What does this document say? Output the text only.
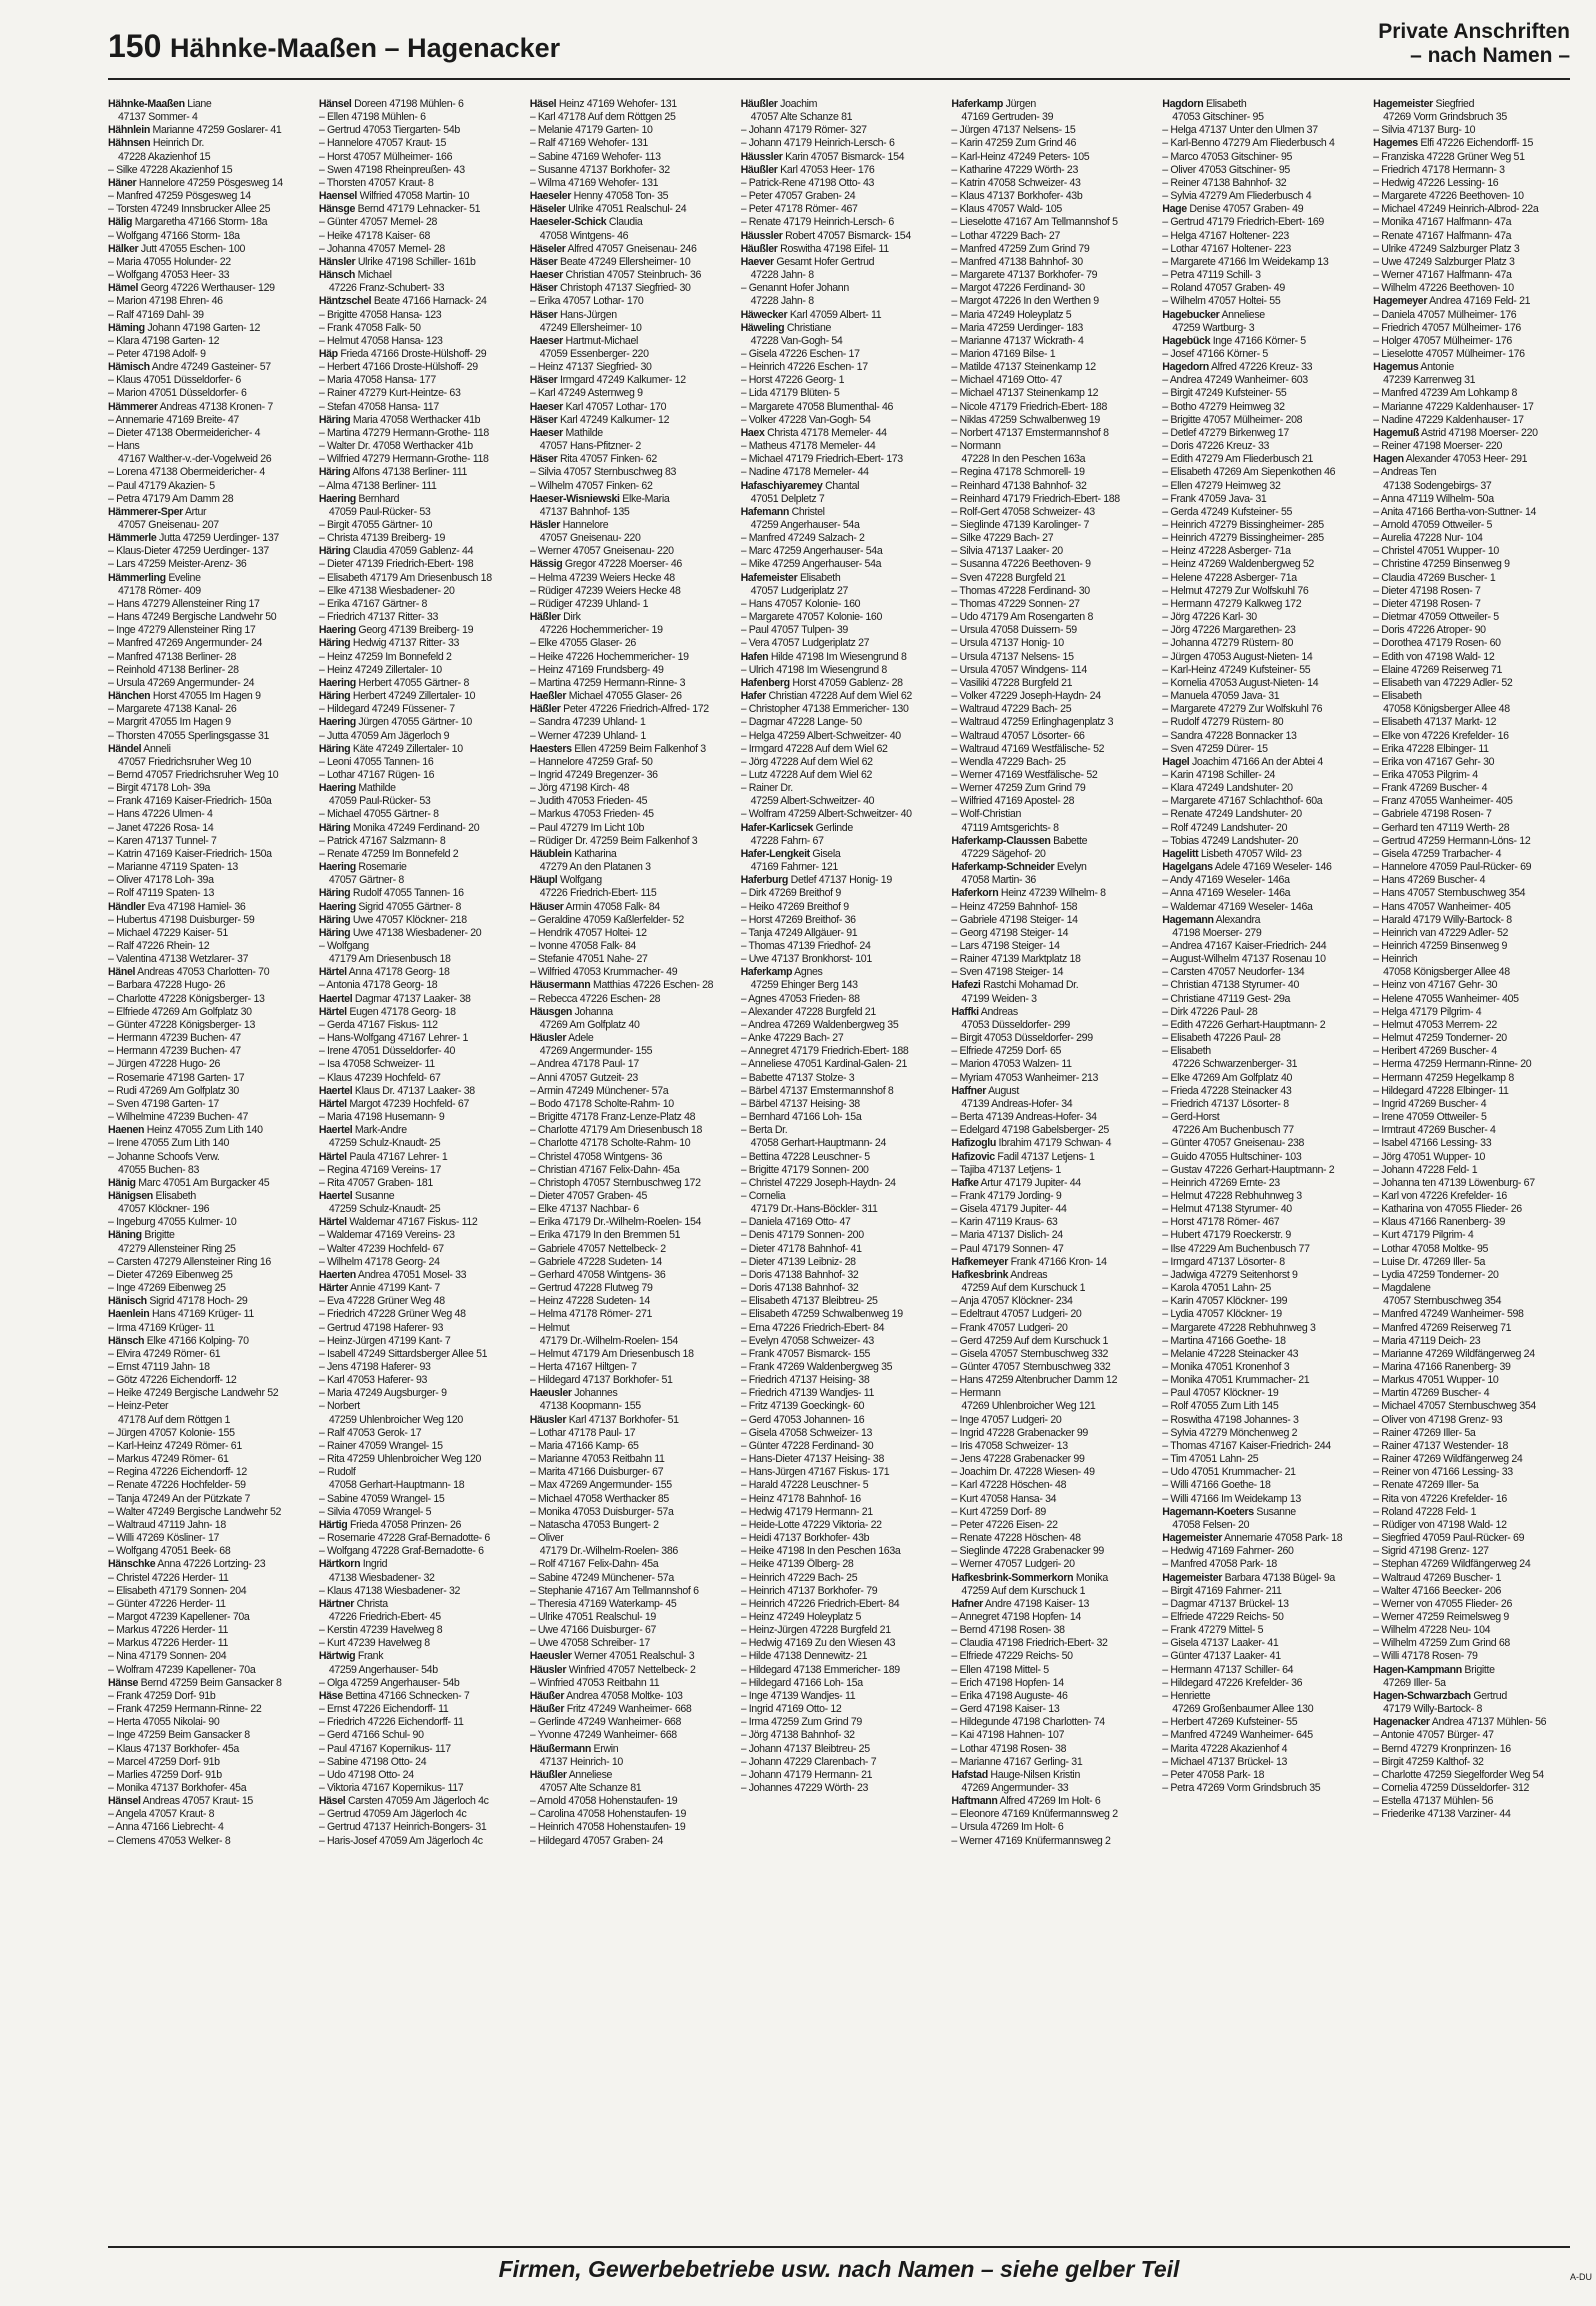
150 Hähnke-Maaßen – Hagenacker
Private Anschriften
– nach Namen –
Hähnke-Maaßen Liane
47137 Sommer- 4
Hähnlein Marianne 47259 Goslarer- 41
Hähnsen Heinrich Dr.
47228 Akazienhof 15
– Silke 47228 Akazienhof 15
Häner Hannelore 47259 Pösgesweg 14
– Manfred 47259 Pösgesweg 14
– Torsten 47249 Innsbrucker Allee 25
Hälig Margaretha 47166 Storm- 18a
– Wolfgang 47166 Storm- 18a
Hälker Jutt 47055 Eschen- 100
– Maria 47055 Holunder- 22
– Wolfgang 47053 Heer- 33
Hämel Georg 47226 Werthauser- 129
– Marion 47198 Ehren- 46
– Ralf 47169 Dahl- 39
Häming Johann 47198 Garten- 12
– Klara 47198 Garten- 12
– Peter 47198 Adolf- 9
Hämisch Andre 47249 Gasteiner- 57
– Klaus 47051 Düsseldorfer- 6
– Marion 47051 Düsseldorfer- 6
Hämmerer Andreas 47138 Kronen- 7
– Annemarie 47169 Breite- 47
– Dieter 47138 Obermeidericher- 4
– Hans
47167 Walther-v.-der-Vogelweid 26
– Lorena 47138 Obermeidericher- 4
– Paul 47179 Akazien- 5
– Petra 47179 Am Damm 28
Hämmerer-Sper Artur
47057 Gneisenau- 207
Hämmerle Jutta 47259 Uerdinger- 137
– Klaus-Dieter 47259 Uerdinger- 137
– Lars 47259 Meister-Arenz- 36
Hämmerling Eveline
47178 Römer- 409
– Hans 47279 Allensteiner Ring 17
– Hans 47249 Bergische Landwehr 50
– Inge 47279 Allensteiner Ring 17
– Manfred 47269 Angermunder- 24
– Manfred 47138 Berliner- 28
– Reinhold 47138 Berliner- 28
– Ursula 47269 Angermunder- 24
Hänchen Horst 47055 Im Hagen 9
– Margarete 47138 Kanal- 26
– Margrit 47055 Im Hagen 9
– Thorsten 47055 Sperlingsgasse 31
Händel Anneli
47057 Friedrichsruher Weg 10
– Bernd 47057 Friedrichsruher Weg 10
– Birgit 47178 Loh- 39a
– Frank 47169 Kaiser-Friedrich- 150a
– Hans 47226 Ulmen- 4
– Janet 47226 Rosa- 14
– Karen 47137 Tunnel- 7
– Katrin 47169 Kaiser-Friedrich- 150a
– Marianne 47119 Spaten- 13
– Oliver 47178 Loh- 39a
– Rolf 47119 Spaten- 13
Händler Eva 47198 Hamiel- 36
– Hubertus 47198 Duisburger- 59
– Michael 47229 Kaiser- 51
– Ralf 47226 Rhein- 12
– Valentina 47138 Wetzlarer- 37
Hänel Andreas 47053 Charlotten- 70
– Barbara 47228 Hugo- 26
– Charlotte 47228 Königsberger- 13
– Elfriede 47269 Am Golfplatz 30
– Günter 47228 Königsberger- 13
– Hermann 47239 Buchen- 47
– Hermann 47239 Buchen- 47
– Jürgen 47228 Hugo- 26
– Rosemarie 47198 Garten- 17
– Rudi 47269 Am Golfplatz 30
– Sven 47198 Garten- 17
– Wilhelmine 47239 Buchen- 47
Haenen Heinz 47055 Zum Lith 140
– Irene 47055 Zum Lith 140
– Johanne Schoofs Verw.
47055 Buchen- 83
Hänig Marc 47051 Am Burgacker 45
Hänigsen Elisabeth
47057 Klöckner- 196
– Ingeburg 47055 Kulmer- 10
Häning Brigitte
47279 Allensteiner Ring 25
– Carsten 47279 Allensteiner Ring 16
– Dieter 47269 Eibenweg 25
– Inge 47269 Eibenweg 25
Hänisch Sigrid 47178 Hoch- 29
Haenlein Hans 47169 Krüger- 11
– Irma 47169 Krüger- 11
Hänsch Elke 47166 Kolping- 70
– Elvira 47249 Römer- 61
– Ernst 47119 Jahn- 18
– Götz 47226 Eichendorff- 12
– Heike 47249 Bergische Landwehr 52
– Heinz-Peter
47178 Auf dem Röttgen 1
– Jürgen 47057 Kolonie- 155
– Karl-Heinz 47249 Römer- 61
– Markus 47249 Römer- 61
– Regina 47226 Eichendorff- 12
– Renate 47226 Hochfelder- 59
– Tanja 47249 An der Pützkate 7
– Walter 47249 Bergische Landwehr 52
– Waltraud 47119 Jahn- 18
– Willi 47269 Kösliner- 17
– Wolfgang 47051 Beek- 68
Hänschke Anna 47226 Lortzing- 23
– Christel 47226 Herder- 11
– Elisabeth 47179 Sonnen- 204
– Günter 47226 Herder- 11
– Margot 47239 Kapellener- 70a
– Markus 47226 Herder- 11
– Markus 47226 Herder- 11
– Nina 47179 Sonnen- 204
– Wolfram 47239 Kapellener- 70a
Hänse Bernd 47259 Beim Gansacker 8
– Frank 47259 Dorf- 91b
– Frank 47259 Hermann-Rinne- 22
– Herta 47055 Nikolai- 90
– Inge 47259 Beim Gansacker 8
– Klaus 47137 Borkhofer- 45a
– Marcel 47259 Dorf- 91b
– Marlies 47259 Dorf- 91b
– Monika 47137 Borkhofer- 45a
Hänsel Andreas 47057 Kraut- 15
– Angela 47057 Kraut- 8
– Anna 47166 Liebrecht- 4
– Clemens 47053 Welker- 8
Hänsel Doreen 47198 Mühlen- 6
– Ellen 47198 Mühlen- 6
– Gertrud 47053 Tiergarten- 54b
– Hannelore 47057 Kraut- 15
– Horst 47057 Mülheimer- 166
– Swen 47198 Rheinpreußen- 43
– Thorsten 47057 Kraut- 8
Haensel Wilfried 47058 Martin- 10
Hänsge Bernd 47179 Lehnacker- 51
– Günter 47057 Memel- 28
– Heike 47178 Kaiser- 68
– Johanna 47057 Memel- 28
Hänsler Ulrike 47198 Schiller- 161b
Hänsch Michael
47226 Franz-Schubert- 33
Häntzschel Beate 47166 Harnack- 24
– Brigitte 47058 Hansa- 123
– Frank 47058 Falk- 50
– Helmut 47058 Hansa- 123
Häp Frieda 47166 Droste-Hülshoff- 29
– Herbert 47166 Droste-Hülshoff- 29
– Maria 47058 Hansa- 177
– Rainer 47279 Kurt-Heintze- 63
– Stefan 47058 Hansa- 117
Häring Maria 47058 Werthacker 41b
– Martina 47279 Hermann-Grothe- 118
– Walter Dr. 47058 Werthacker 41b
– Wilfried 47279 Hermann-Grothe- 118
Häring Alfons 47138 Berliner- 111
– Alma 47138 Berliner- 111
Haering Bernhard
47059 Paul-Rücker- 53
– Birgit 47055 Gärtner- 10
– Christa 47139 Breiberg- 19
Häring Claudia 47059 Gablenz- 44
– Dieter 47139 Friedrich-Ebert- 198
– Elisabeth 47179 Am Driesenbusch 18
– Elke 47138 Wiesbadener- 20
– Erika 47167 Gärtner- 8
– Friedrich 47137 Ritter- 33
Haering Georg 47139 Breiberg- 19
Häring Hedwig 47137 Ritter- 33
– Heinz 47259 Im Bonnefeld 2
– Heinz 47249 Zillertaler- 10
Haering Herbert 47055 Gärtner- 8
Häring Herbert 47249 Zillertaler- 10
– Hildegard 47249 Füssener- 7
Haering Jürgen 47055 Gärtner- 10
– Jutta 47059 Am Jägerloch 9
Häring Käte 47249 Zillertaler- 10
– Leoni 47055 Tannen- 16
– Lothar 47167 Rügen- 16
Haering Mathilde
47059 Paul-Rücker- 53
– Michael 47055 Gärtner- 8
Häring Monika 47249 Ferdinand- 20
– Patrick 47167 Salzmann- 8
– Renate 47259 Im Bonnefeld 2
Haering Rosemarie
47057 Gärtner- 8
Häring Rudolf 47055 Tannen- 16
Haering Sigrid 47055 Gärtner- 8
Häring Uwe 47057 Klöckner- 218
Häring Uwe 47138 Wiesbadener- 20
– Wolfgang
47179 Am Driesenbusch 18
Härtel Anna 47178 Georg- 18
– Antonia 47178 Georg- 18
Haertel Dagmar 47137 Laaker- 38
Härtel Eugen 47178 Georg- 18
– Gerda 47167 Fiskus- 112
– Hans-Wolfgang 47167 Lehrer- 1
– Irene 47051 Düsseldorfer- 40
– Isa 47058 Schweizer- 11
– Klaus 47239 Hochfeld- 67
Haertel Klaus Dr. 47137 Laaker- 38
Härtel Margot 47239 Hochfeld- 67
– Maria 47198 Husemann- 9
Haertel Mark-Andre
47259 Schulz-Knaudt- 25
Härtel Paula 47167 Lehrer- 1
– Regina 47169 Vereins- 17
– Rita 47057 Graben- 181
Haertel Susanne
47259 Schulz-Knaudt- 25
Härtel Waldemar 47167 Fiskus- 112
– Waldemar 47169 Vereins- 23
– Walter 47239 Hochfeld- 67
– Wilhelm 47178 Georg- 24
Haerten Andrea 47051 Mosel- 33
Härter Annie 47199 Kant- 7
– Eva 47228 Grüner Weg 48
– Friedrich 47228 Grüner Weg 48
– Gertrud 47198 Haferer- 93
– Heinz-Jürgen 47199 Kant- 7
– Isabell 47249 Sittardsberger Allee 51
– Jens 47198 Haferer- 93
– Karl 47053 Haferer- 93
– Maria 47249 Augsburger- 9
– Norbert
47259 Uhlenbroicher Weg 120
– Ralf 47053 Gerok- 17
– Rainer 47059 Wrangel- 15
– Rita 47259 Uhlenbroicher Weg 120
– Rudolf
47058 Gerhart-Hauptmann- 18
– Sabine 47059 Wrangel- 15
– Silvia 47059 Wrangel- 5
Härtig Frieda 47058 Prinzen- 26
– Rosemarie 47228 Graf-Bernadotte- 6
– Wolfgang 47228 Graf-Bernadotte- 6
Härtkorn Ingrid
47138 Wiesbadener- 32
– Klaus 47138 Wiesbadener- 32
Härtner Christa
47226 Friedrich-Ebert- 45
– Kerstin 47239 Havelweg 8
– Kurt 47239 Havelweg 8
Härtwig Frank
47259 Angerhauser- 54b
– Olga 47259 Angerhauser- 54b
Häse Bettina 47166 Schnecken- 7
– Ernst 47226 Eichendorff- 11
– Friedrich 47226 Eichendorff- 11
– Gerd 47166 Schul- 90
– Paul 47167 Kopernikus- 117
– Sabine 47198 Otto- 24
– Udo 47198 Otto- 24
– Viktoria 47167 Kopernikus- 117
Häsel Carsten 47059 Am Jägerloch 4c
– Gertrud 47059 Am Jägerloch 4c
– Gertrud 47137 Heinrich-Bongers- 31
– Haris-Josef 47059 Am Jägerloch 4c
Häsel Heinz 47169 Wehofer- 131
– Karl 47178 Auf dem Röttgen 25
– Melanie 47179 Garten- 10
– Ralf 47169 Wehofer- 131
– Sabine 47169 Wehofer- 113
– Susanne 47137 Borkhofer- 32
– Wilma 47169 Wehofer- 131
Haeseler Henny 47058 Ton- 35
Häseler Ulrike 47051 Realschul- 24
Haeseler-Schick Claudia
47058 Wintgens- 46
Häseler Alfred 47057 Gneisenau- 246
Häser Beate 47249 Ellersheimer- 10
Haeser Christian 47057 Steinbruch- 36
Häser Christoph 47137 Siegfried- 30
– Erika 47057 Lothar- 170
Häser Hans-Jürgen
47249 Ellersheimer- 10
Haeser Hartmut-Michael
47059 Essenberger- 220
– Heinz 47137 Siegfried- 30
Häser Irmgard 47249 Kalkumer- 12
– Karl 47249 Asternweg 9
Haeser Karl 47057 Lothar- 170
Häser Karl 47249 Kalkumer- 12
Haeser Mathilde
47057 Hans-Pfitzner- 2
Häser Rita 47057 Finken- 62
– Silvia 47057 Sternbuschweg 83
– Wilhelm 47057 Finken- 62
Haeser-Wisniewski Elke-Maria
47137 Bahnhof- 135
Häsler Hannelore
47057 Gneisenau- 220
– Werner 47057 Gneisenau- 220
Hässig Gregor 47228 Moerser- 46
– Helma 47239 Weiers Hecke 48
– Rüdiger 47239 Weiers Hecke 48
– Rüdiger 47239 Uhland- 1
Häßler Dirk
47226 Hochemmericher- 19
– Elke 47055 Glaser- 26
– Heike 47226 Hochemmericher- 19
– Heinz 47169 Frundsberg- 49
– Martina 47259 Hermann-Rinne- 3
Haeßler Michael 47055 Glaser- 26
Häßler Peter 47226 Friedrich-Alfred- 172
– Sandra 47239 Uhland- 1
– Werner 47239 Uhland- 1
Haesters Ellen 47259 Beim Falkenhof 3
– Hannelore 47259 Graf- 50
– Ingrid 47249 Bregenzer- 36
– Jörg 47198 Kirch- 48
– Judith 47053 Frieden- 45
– Markus 47053 Frieden- 45
– Paul 47279 Im Licht 10b
– Rüdiger Dr. 47259 Beim Falkenhof 3
Häublein Katharina
47279 An den Platanen 3
Häupl Wolfgang
47226 Friedrich-Ebert- 115
Häuser Armin 47058 Falk- 84
– Geraldine 47059 Kaßlerfelder- 52
– Hendrik 47057 Holtei- 12
– Ivonne 47058 Falk- 84
– Stefanie 47051 Nahe- 27
– Wilfried 47053 Krummacher- 49
Häusermann Matthias 47226 Eschen- 28
– Rebecca 47226 Eschen- 28
Häusgen Johanna
47269 Am Golfplatz 40
Häusler Adele
47269 Angermunder- 155
– Andrea 47178 Paul- 17
– Anni 47057 Gutzeit- 23
– Armin 47249 Münchener- 57a
– Bodo 47178 Scholte-Rahm- 10
– Brigitte 47178 Franz-Lenze-Platz 48
– Charlotte 47179 Am Driesenbusch 18
– Charlotte 47178 Scholte-Rahm- 10
– Christel 47058 Wintgens- 36
– Christian 47167 Felix-Dahn- 45a
– Christoph 47057 Sternbuschweg 172
– Dieter 47057 Graben- 45
– Elke 47137 Nachbar- 6
– Erika 47179 Dr.-Wilhelm-Roelen- 154
– Erika 47179 In den Bremmen 51
– Gabriele 47057 Nettelbeck- 2
– Gabriele 47228 Sudeten- 14
– Gerhard 47058 Wintgens- 36
– Gertrud 47228 Flutweg 79
– Heinz 47228 Sudeten- 14
– Helma 47178 Römer- 271
– Helmut
47179 Dr.-Wilhelm-Roelen- 154
– Helmut 47179 Am Driesenbusch 18
– Herta 47167 Hiltgen- 7
– Hildegard 47137 Borkhofer- 51
Haeusler Johannes
47138 Koopmann- 155
Häusler Karl 47137 Borkhofer- 51
– Lothar 47178 Paul- 17
– Maria 47166 Kamp- 65
– Marianne 47053 Reitbahn 11
– Marita 47166 Duisburger- 67
– Max 47269 Angermunder- 155
– Michael 47058 Werthacker 85
– Monika 47053 Duisburger- 57a
– Natascha 47053 Bungert- 2
– Oliver
47179 Dr.-Wilhelm-Roelen- 386
– Rolf 47167 Felix-Dahn- 45a
– Sabine 47249 Münchener- 57a
– Stephanie 47167 Am Tellmannshof 6
– Theresia 47169 Waterkamp- 45
– Ulrike 47051 Realschul- 19
– Uwe 47166 Duisburger- 67
– Uwe 47058 Schreiber- 17
Haeusler Werner 47051 Realschul- 3
Häusler Winfried 47057 Nettelbeck- 2
– Winfried 47053 Reitbahn 11
Häußer Andrea 47058 Moltke- 103
Häußer Fritz 47249 Wanheimer- 668
– Gerlinde 47249 Wanheimer- 668
– Yvonne 47249 Wanheimer- 668
Häußermann Erwin
47137 Heinrich- 10
Häußler Anneliese
47057 Alte Schanze 81
– Arnold 47058 Hohenstaufen- 19
– Carolina 47058 Hohenstaufen- 19
– Heinrich 47058 Hohenstaufen- 19
– Hildegard 47057 Graben- 24
Häußler Joachim
47057 Alte Schanze 81
– Johann 47179 Römer- 327
– Johann 47179 Heinrich-Lersch- 6
Häussler Karin 47057 Bismarck- 154
Häußler Karl 47053 Heer- 176
– Patrick-Rene 47198 Otto- 43
– Peter 47057 Graben- 24
– Peter 47178 Römer- 467
– Renate 47179 Heinrich-Lersch- 6
Häussler Robert 47057 Bismarck- 154
Häußler Roswitha 47198 Eifel- 11
Haever Gesamt Hofer Gertrud
47228 Jahn- 8
– Genannt Hofer Johann
47228 Jahn- 8
Häwecker Karl 47059 Albert- 11
Häweling Christiane
47228 Van-Gogh- 54
– Gisela 47226 Eschen- 17
– Heinrich 47226 Eschen- 17
– Horst 47226 Georg- 1
– Lida 47179 Blüten- 5
– Margarete 47058 Blumenthal- 46
– Volker 47228 Van-Gogh- 54
Haex Christa 47178 Memeler- 44
– Matheus 47178 Memeler- 44
– Michael 47179 Friedrich-Ebert- 173
– Nadine 47178 Memeler- 44
Hafaschiyaremey Chantal
47051 Delpletz 7
Hafemann Christel
47259 Angerhauser- 54a
– Manfred 47249 Salzach- 2
– Marc 47259 Angerhauser- 54a
– Mike 47259 Angerhauser- 54a
Hafemeister Elisabeth
47057 Ludgeriplatz 27
– Hans 47057 Kolonie- 160
– Margarete 47057 Kolonie- 160
– Paul 47057 Tulpen- 39
– Vera 47057 Ludgeriplatz 27
Hafen Hilde 47198 Im Wiesengrund 8
– Ulrich 47198 Im Wiesengrund 8
Hafenberg Horst 47059 Gablenz- 28
Hafer Christian 47228 Auf dem Wiel 62
– Christopher 47138 Emmericher- 130
– Dagmar 47228 Lange- 50
– Helga 47259 Albert-Schweitzer- 40
– Irmgard 47228 Auf dem Wiel 62
– Jörg 47228 Auf dem Wiel 62
– Lutz 47228 Auf dem Wiel 62
– Rainer Dr.
47259 Albert-Schweitzer- 40
– Wolfram 47259 Albert-Schweitzer- 40
Hafer-Karlicsek Gerlinde
47228 Fahrn- 67
Hafer-Lengkeit Gisela
47169 Fahrner- 121
Haferburg Detlef 47137 Honig- 19
– Dirk 47269 Breithof 9
– Heiko 47269 Breithof 9
– Horst 47269 Breithof- 36
– Tanja 47249 Allgäuer- 91
– Thomas 47139 Friedhof- 24
– Uwe 47137 Bronkhorst- 101
Haferkamp Agnes
47259 Ehinger Berg 143
– Agnes 47053 Frieden- 88
– Alexander 47228 Burgfeld 21
– Andrea 47269 Waldenbergweg 35
– Anke 47229 Bach- 27
– Annegret 47179 Friedrich-Ebert- 188
– Anneliese 47051 Kardinal-Galen- 21
– Babette 47137 Stolze- 3
– Bärbel 47137 Emstermannshof 8
– Bärbel 47137 Heising- 38
– Bernhard 47166 Loh- 15a
– Berta Dr.
47058 Gerhart-Hauptmann- 24
– Bettina 47228 Leuschner- 5
– Brigitte 47179 Sonnen- 200
– Christel 47229 Joseph-Haydn- 24
– Cornelia
47179 Dr.-Hans-Böckler- 311
– Daniela 47169 Otto- 47
– Denis 47179 Sonnen- 200
– Dieter 47178 Bahnhof- 41
– Dieter 47139 Leibniz- 28
– Doris 47138 Bahnhof- 32
– Doris 47138 Bahnhof- 32
– Elisabeth 47137 Bleibtreu- 25
– Elisabeth 47259 Schwalbenweg 19
– Erna 47226 Friedrich-Ebert- 84
– Evelyn 47058 Schweizer- 43
– Frank 47057 Bismarck- 155
– Frank 47269 Waldenbergweg 35
– Friedrich 47137 Heising- 38
– Friedrich 47139 Wandjes- 11
– Fritz 47139 Goeckingk- 60
– Gerd 47053 Johannen- 16
– Gisela 47058 Schweizer- 13
– Günter 47228 Ferdinand- 30
– Hans-Dieter 47137 Heising- 38
– Hans-Jürgen 47167 Fiskus- 171
– Harald 47228 Leuschner- 5
– Heinz 47178 Bahnhof- 16
– Hedwig 47179 Hermann- 21
– Heide-Lotte 47229 Viktoria- 22
– Heidi 47137 Borkhofer- 43b
– Heike 47198 In den Peschen 163a
– Heike 47139 Ölberg- 28
– Heinrich 47229 Bach- 25
– Heinrich 47137 Borkhofer- 79
– Heinrich 47226 Friedrich-Ebert- 84
– Heinz 47249 Holeyplatz 5
– Heinz-Jürgen 47228 Burgfeld 21
– Hedwig 47169 Zu den Wiesen 43
– Hilde 47138 Dennewitz- 21
– Hildegard 47138 Emmericher- 189
– Hildegard 47166 Loh- 15a
– Inge 47139 Wandjes- 11
– Ingrid 47169 Otto- 12
– Irma 47259 Zum Grind 79
– Jörg 47138 Bahnhof- 32
– Johann 47137 Bleibtreu- 25
– Johann 47229 Clarenbach- 7
– Johann 47179 Hermann- 21
– Johannes 47229 Wörth- 23
Haferkamp Jürgen
47169 Gertruden- 39
– Jürgen 47137 Nelsens- 15
– Karin 47259 Zum Grind 46
– Karl-Heinz 47249 Peters- 105
– Katharine 47229 Wörth- 23
– Katrin 47058 Schweizer- 43
– Klaus 47137 Borkhofer- 43b
– Klaus 47057 Wald- 105
– Lieselotte 47167 Am Tellmannshof 5
– Lothar 47229 Bach- 27
– Manfred 47259 Zum Grind 79
– Manfred 47138 Bahnhof- 30
– Margarete 47137 Borkhofer- 79
– Margot 47226 Ferdinand- 30
– Margot 47226 In den Werthen 9
– Maria 47249 Holeyplatz 5
– Maria 47259 Uerdinger- 183
– Marianne 47137 Wickrath- 4
– Marion 47169 Bilse- 1
– Matilde 47137 Steinenkamp 12
– Michael 47169 Otto- 47
– Michael 47137 Steinenkamp 12
– Nicole 47179 Friedrich-Ebert- 188
– Niklas 47259 Schwalbenweg 19
– Norbert 47137 Emstermannshof 8
– Normann
47228 In den Peschen 163a
– Regina 47178 Schmorell- 19
– Reinhard 47138 Bahnhof- 32
– Reinhard 47179 Friedrich-Ebert- 188
– Rolf-Gert 47058 Schweizer- 43
– Sieglinde 47139 Karolinger- 7
– Silke 47229 Bach- 27
– Silvia 47137 Laaker- 20
– Susanna 47226 Beethoven- 9
– Sven 47228 Burgfeld 21
– Thomas 47228 Ferdinand- 30
– Thomas 47229 Sonnen- 27
– Udo 47179 Am Rosengarten 8
– Ursula 47058 Duissern- 59
– Ursula 47137 Honig- 10
– Ursula 47137 Nelsens- 15
– Ursula 47057 Windgens- 114
– Vasiliki 47228 Burgfeld 21
– Volker 47229 Joseph-Haydn- 24
– Waltraud 47229 Bach- 25
– Waltraud 47259 Erlinghagenplatz 3
– Waltraud 47057 Lösorter- 66
– Waltraud 47169 Westfälische- 52
– Wendla 47229 Bach- 25
– Werner 47169 Westfälische- 52
– Werner 47259 Zum Grind 79
– Wilfried 47169 Apostel- 28
– Wolf-Christian
47119 Amtsgerichts- 8
Haferkamp-Claussen Babette
47229 Sägehof- 20
Haferkamp-Schneider Evelyn
47058 Martin- 36
Haferkorn Heinz 47239 Wilhelm- 8
– Heinz 47259 Bahnhof- 158
– Gabriele 47198 Steiger- 14
– Georg 47198 Steiger- 14
– Lars 47198 Steiger- 14
– Rainer 47139 Marktplatz 18
– Sven 47198 Steiger- 14
Hafezi Rastchi Mohamad Dr.
47199 Weiden- 3
Haffki Andreas
47053 Düsseldorfer- 299
– Birgit 47053 Düsseldorfer- 299
– Elfriede 47259 Dorf- 65
– Marion 47053 Walzen- 11
– Myriam 47053 Wanheimer- 213
Haffner August
47139 Andreas-Hofer- 34
– Berta 47139 Andreas-Hofer- 34
– Edelgard 47198 Gabelsberger- 25
Hafizoglu Ibrahim 47179 Schwan- 4
Hafizovic Fadil 47137 Letjens- 1
– Tajiba 47137 Letjens- 1
Hafke Artur 47179 Jupiter- 44
– Frank 47179 Jording- 9
– Gisela 47179 Jupiter- 44
– Karin 47119 Kraus- 63
– Maria 47137 Dislich- 24
– Paul 47179 Sonnen- 47
Hafkemeyer Frank 47166 Kron- 14
Hafkesbrink Andreas
47259 Auf dem Kurschuck 1
– Anja 47057 Klöckner- 234
– Edeltraut 47057 Ludgeri- 20
– Frank 47057 Ludgeri- 20
– Gerd 47259 Auf dem Kurschuck 1
– Gisela 47057 Sternbuschweg 332
– Günter 47057 Sternbuschweg 332
– Hans 47259 Altenbrucher Damm 12
– Hermann
47269 Uhlenbroicher Weg 121
– Inge 47057 Ludgeri- 20
– Ingrid 47228 Grabenacker 99
– Iris 47058 Schweizer- 13
– Jens 47228 Grabenacker 99
– Joachim Dr. 47228 Wiesen- 49
– Karl 47228 Höschen- 48
– Kurt 47058 Hansa- 34
– Kurt 47259 Dorf- 89
– Peter 47226 Eisen- 22
– Renate 47228 Höschen- 48
– Sieglinde 47228 Grabenacker 99
– Werner 47057 Ludgeri- 20
Hafkesbrink-Sommerkorn Monika
47259 Auf dem Kurschuck 1
Hafner Andre 47198 Kaiser- 13
– Annegret 47198 Hopfen- 14
– Bernd 47198 Rosen- 38
– Claudia 47198 Friedrich-Ebert- 32
– Elfriede 47229 Reichs- 50
– Ellen 47198 Mittel- 5
– Erich 47198 Hopfen- 14
– Erika 47198 Auguste- 46
– Gerd 47198 Kaiser- 13
– Hildegunde 47198 Charlotten- 74
– Kai 47198 Hahnen- 107
– Lothar 47198 Rosen- 38
– Marianne 47167 Gerling- 31
Hafstad Hauge-Nilsen Kristin
47269 Angermunder- 33
Haftmann Alfred 47269 Im Holt- 6
– Eleonore 47169 Knüfermannsweg 2
– Ursula 47269 Im Holt- 6
– Werner 47169 Knüfermannsweg 2
Hagdorn Elisabeth
47053 Gitschiner- 95
– Helga 47137 Unter den Ulmen 37
– Karl-Benno 47279 Am Fliederbusch 4
– Marco 47053 Gitschiner- 95
– Oliver 47053 Gitschiner- 95
– Reiner 47138 Bahnhof- 32
– Sylvia 47279 Am Fliederbusch 4
Hage Denise 47057 Graben- 49
– Gertrud 47179 Friedrich-Ebert- 169
– Helga 47167 Holtener- 223
– Lothar 47167 Holtener- 223
– Margarete 47166 Im Weidekamp 13
– Petra 47119 Schill- 3
– Roland 47057 Graben- 49
– Wilhelm 47057 Holtei- 55
Hagebucker Anneliese
47259 Wartburg- 3
Hagebück Inge 47166 Körner- 5
– Josef 47166 Körner- 5
Hagedorn Alfred 47226 Kreuz- 33
– Andrea 47249 Wanheimer- 603
– Birgit 47249 Kufsteiner- 55
– Botho 47279 Heimweg 32
– Brigitte 47057 Mülheimer- 208
– Detlef 47279 Birkenweg 17
– Doris 47226 Kreuz- 33
– Edith 47279 Am Fliederbusch 21
– Elisabeth 47269 Am Siepenkothen 46
– Ellen 47279 Heimweg 32
– Frank 47059 Java- 31
– Gerda 47249 Kufsteiner- 55
– Heinrich 47279 Bissingheimer- 285
– Heinrich 47279 Bissingheimer- 285
– Heinz 47228 Asberger- 71a
– Heinz 47269 Waldenbergweg 52
– Helene 47228 Asberger- 71a
– Helmut 47279 Zur Wolfskuhl 76
– Hermann 47279 Kalkweg 172
– Jörg 47226 Karl- 30
– Jörg 47226 Margarethen- 23
– Johanna 47279 Rüstern- 80
– Jürgen 47053 August-Nieten- 14
– Karl-Heinz 47249 Kufsteiner- 55
– Kornelia 47053 August-Nieten- 14
– Manuela 47059 Java- 31
– Margarete 47279 Zur Wolfskuhl 76
– Rudolf 47279 Rüstern- 80
– Sandra 47228 Bonnacker 13
– Sven 47259 Dürer- 15
Hagel Joachim 47166 An der Abtei 4
– Karin 47198 Schiller- 24
– Klara 47249 Landshuter- 20
– Margarete 47167 Schlachthof- 60a
– Renate 47249 Landshuter- 20
– Rolf 47249 Landshuter- 20
– Tobias 47249 Landshuter- 20
Hagelitt Lisbeth 47057 Wild- 23
Hagelgans Adele 47169 Weseler- 146
– Andy 47169 Weseler- 146a
– Anna 47169 Weseler- 146a
– Waldemar 47169 Weseler- 146a
Hagemann Alexandra
47198 Moerser- 279
– Andrea 47167 Kaiser-Friedrich- 244
– August-Wilhelm 47137 Rosenau 10
– Carsten 47057 Neudorfer- 134
– Christian 47138 Styrumer- 40
– Christiane 47119 Gest- 29a
– Dirk 47226 Paul- 28
– Edith 47226 Gerhart-Hauptmann- 2
– Elisabeth 47226 Paul- 28
– Elisabeth
47226 Schwarzenberger- 31
– Elke 47269 Am Golfplatz 40
– Frieda 47228 Steinacker 43
– Friedrich 47137 Lösorter- 8
– Gerd-Horst
47226 Am Buchenbusch 77
– Günter 47057 Gneisenau- 238
– Guido 47055 Hultschiner- 103
– Gustav 47226 Gerhart-Hauptmann- 2
– Heinrich 47269 Ernte- 23
– Helmut 47228 Rebhuhnweg 3
– Helmut 47138 Styrumer- 40
– Horst 47178 Römer- 467
– Hubert 47179 Roeckerstr. 9
– Ilse 47229 Am Buchenbusch 77
– Irmgard 47137 Lösorter- 8
– Jadwiga 47279 Seitenhorst 9
– Karola 47051 Lahn- 25
– Karin 47057 Klöckner- 199
– Lydia 47057 Klöckner- 19
– Margarete 47228 Rebhuhnweg 3
– Martina 47166 Goethe- 18
– Melanie 47228 Steinacker 43
– Monika 47051 Kronenhof 3
– Monika 47051 Krummacher- 21
– Paul 47057 Klöckner- 19
– Rolf 47055 Zum Lith 145
– Roswitha 47198 Johannes- 3
– Sylvia 47279 Mönchenweg 2
– Thomas 47167 Kaiser-Friedrich- 244
– Tim 47051 Lahn- 25
– Udo 47051 Krummacher- 21
– Willi 47166 Goethe- 18
– Willi 47166 Im Weidekamp 13
Hagemann-Koeters Susanne
47058 Felsen- 20
Hagemeister Annemarie 47058 Park- 18
– Hedwig 47169 Fahrner- 260
– Manfred 47058 Park- 18
Hagemeister Barbara 47138 Bügel- 9a
– Birgit 47169 Fahrner- 211
– Dagmar 47137 Brückel- 13
– Elfriede 47229 Reichs- 50
– Frank 47279 Mittel- 5
– Gisela 47137 Laaker- 41
– Günter 47137 Laaker- 41
– Hermann 47137 Schiller- 64
– Hildegard 47226 Krefelder- 36
– Henriette
47269 Großenbaumer Allee 130
– Herbert 47269 Kufsteiner- 55
– Manfred 47249 Wanheimer- 645
– Marita 47228 Akazienhof 4
– Michael 47137 Brückel- 13
– Peter 47058 Park- 18
– Petra 47269 Vorm Grindsbruch 35
Hagemeister Siegfried
47269 Vorm Grindsbruch 35
– Silvia 47137 Burg- 10
Hagemes Elfi 47226 Eichendorff- 15
– Franziska 47228 Grüner Weg 51
– Friedrich 47178 Hermann- 3
– Hedwig 47226 Lessing- 16
– Margarete 47226 Beethoven- 10
– Michael 47249 Heinrich-Albrod- 22a
– Monika 47167 Halfmann- 47a
– Renate 47167 Halfmann- 47a
– Ulrike 47249 Salzburger Platz 3
– Uwe 47249 Salzburger Platz 3
– Werner 47167 Halfmann- 47a
– Wilhelm 47226 Beethoven- 10
Hagemeyer Andrea 47169 Feld- 21
– Daniela 47057 Mülheimer- 176
– Friedrich 47057 Mülheimer- 176
– Holger 47057 Mülheimer- 176
– Lieselotte 47057 Mülheimer- 176
Hagemus Antonie
47239 Karrenweg 31
– Manfred 47239 Am Lohkamp 8
– Marianne 47229 Kaldenhauser- 17
– Nadine 47229 Kaldenhauser- 17
Hagemuß Astrid 47198 Moerser- 220
– Reiner 47198 Moerser- 220
Hagen Alexander 47053 Heer- 291
– Andreas Ten
47138 Sodengebirgs- 37
– Anna 47119 Wilhelm- 50a
– Anita 47166 Bertha-von-Suttner- 14
– Arnold 47059 Ottweiler- 5
– Aurelia 47228 Nur- 104
– Christel 47051 Wupper- 10
– Christine 47259 Binsenweg 9
– Claudia 47269 Buscher- 1
– Dieter 47198 Rosen- 7
– Dieter 47198 Rosen- 7
– Dietmar 47059 Ottweiler- 5
– Doris 47226 Atroper- 90
– Dorothea 47179 Rosen- 60
– Edith von 47198 Wald- 12
– Elaine 47269 Reiserweg 71
– Elisabeth van 47229 Adler- 52
– Elisabeth
47058 Königsberger Allee 48
– Elisabeth 47137 Markt- 12
– Elke von 47226 Krefelder- 16
– Erika 47228 Elbinger- 11
– Erika von 47167 Gehr- 30
– Erika 47053 Pilgrim- 4
– Frank 47269 Buscher- 4
– Franz 47055 Wanheimer- 405
– Gabriele 47198 Rosen- 7
– Gerhard ten 47119 Werth- 28
– Gertrud 47259 Hermann-Löns- 12
– Gisela 47259 Trarbacher- 4
– Hannelore 47059 Paul-Rücker- 69
– Hans 47269 Buscher- 4
– Hans 47057 Sternbuschweg 354
– Hans 47057 Wanheimer- 405
– Harald 47179 Willy-Bartock- 8
– Heinrich van 47229 Adler- 52
– Heinrich 47259 Binsenweg 9
– Heinrich
47058 Königsberger Allee 48
– Heinz von 47167 Gehr- 30
– Helene 47055 Wanheimer- 405
– Helga 47179 Pilgrim- 4
– Helmut 47053 Merrem- 22
– Helmut 47259 Tonderner- 20
– Heribert 47269 Buscher- 4
– Herma 47259 Hermann-Rinne- 20
– Hermann 47259 Hegelkamp 8
– Hildegard 47228 Elbinger- 11
– Ingrid 47269 Buscher- 4
– Irene 47059 Ottweiler- 5
– Irmtraut 47269 Buscher- 4
– Isabel 47166 Lessing- 33
– Jörg 47051 Wupper- 10
– Johann 47228 Feld- 1
– Johanna ten 47139 Löwenburg- 67
– Karl von 47226 Krefelder- 16
– Katharina von 47055 Flieder- 26
– Klaus 47166 Ranenberg- 39
– Kurt 47179 Pilgrim- 4
– Lothar 47058 Moltke- 95
– Luise Dr. 47269 Iller- 5a
– Lydia 47259 Tonderner- 20
– Magdalene
47057 Sternbuschweg 354
– Manfred 47249 Wanheimer- 598
– Manfred 47269 Reiserweg 71
– Maria 47119 Deich- 23
– Marianne 47269 Wildfängerweg 24
– Marina 47166 Ranenberg- 39
– Markus 47051 Wupper- 10
– Martin 47269 Buscher- 4
– Michael 47057 Sternbuschweg 354
– Oliver von 47198 Grenz- 93
– Rainer 47269 Iller- 5a
– Rainer 47137 Westender- 18
– Rainer 47269 Wildfängerweg 24
– Reiner von 47166 Lessing- 33
– Renate 47269 Iller- 5a
– Rita von 47226 Krefelder- 16
– Roland 47228 Feld- 1
– Rüdiger von 47198 Wald- 12
– Siegfried 47059 Paul-Rücker- 69
– Sigrid 47198 Grenz- 127
– Stephan 47269 Wildfängerweg 24
– Waltraud 47269 Buscher- 1
– Walter 47166 Beecker- 206
– Werner von 47055 Flieder- 26
– Werner 47259 Reimelsweg 9
– Wilhelm 47228 Neu- 104
– Wilhelm 47259 Zum Grind 68
– Willi 47178 Rosen- 79
Hagen-Kampmann Brigitte
47269 Iller- 5a
Hagen-Schwarzbach Gertrud
47179 Willy-Bartock- 8
Hagenacker Andrea 47137 Mühlen- 56
– Antonie 47057 Bürger- 47
– Bernd 47279 Kronprinzen- 16
– Birgit 47259 Kalthof- 32
– Charlotte 47259 Siegelforder Weg 54
– Cornelia 47259 Düsseldorfer- 312
– Estella 47137 Mühlen- 56
– Friederike 47138 Varziner- 44
Firmen, Gewerbebetriebe usw. nach Namen – siehe gelber Teil	A-DU
